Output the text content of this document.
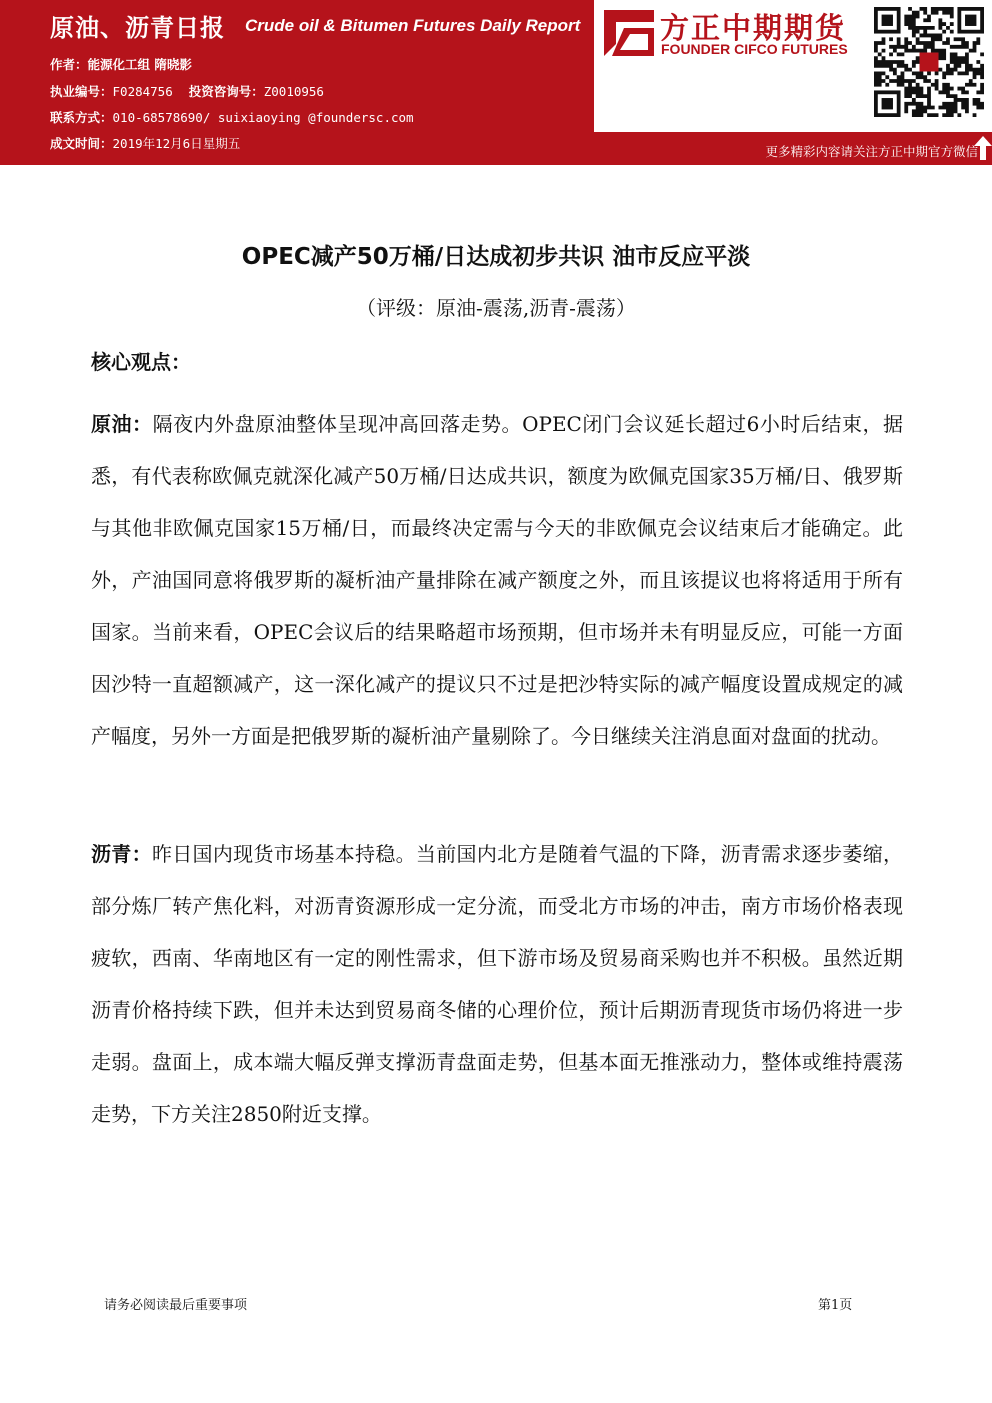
原油、沥青日报 Crude oil & Bitumen Futures Daily Report
作者：能源化工组 隋晓影
执业编号：F0284756 投资咨询号：Z0010956
联系方式：010-68578690/ suixiaoying @foundersc.com
成文时间：2019年12月6日星期五
方正中期期货
FOUNDER CIFCO FUTURES
更多精彩内容请关注方正中期官方微信
OPEC减产50万桶/日达成初步共识 油市反应平淡
（评级：原油-震荡,沥青-震荡）
核心观点：

原油：隔夜内外盘原油整体呈现冲高回落走势。OPEC闭门会议延长超过6小时后结束，据悉，有代表称欧佩克就深化减产50万桶/日达成共识，额度为欧佩克国家35万桶/日、俄罗斯与其他非欧佩克国家15万桶/日，而最终决定需与今天的非欧佩克会议结束后才能确定。此外，产油国同意将俄罗斯的凝析油产量排除在减产额度之外，而且该提议也将将适用于所有国家。当前来看，OPEC会议后的结果略超市场预期，但市场并未有明显反应，可能一方面因沙特一直超额减产，这一深化减产的提议只不过是把沙特实际的减产幅度设置成规定的减产幅度，另外一方面是把俄罗斯的凝析油产量剔除了。今日继续关注消息面对盘面的扰动。

沥青：昨日国内现货市场基本持稳。当前国内北方是随着气温的下降，沥青需求逐步萎缩，部分炼厂转产焦化料，对沥青资源形成一定分流，而受北方市场的冲击，南方市场价格表现疲软，西南、华南地区有一定的刚性需求，但下游市场及贸易商采购也并不积极。虽然近期沥青价格持续下跌，但并未达到贸易商冬储的心理价位，预计后期沥青现货市场仍将进一步走弱。盘面上，成本端大幅反弹支撑沥青盘面走势，但基本面无推涨动力，整体或维持震荡走势，下方关注2850附近支撑。

请务必阅读最后重要事项	第1页
